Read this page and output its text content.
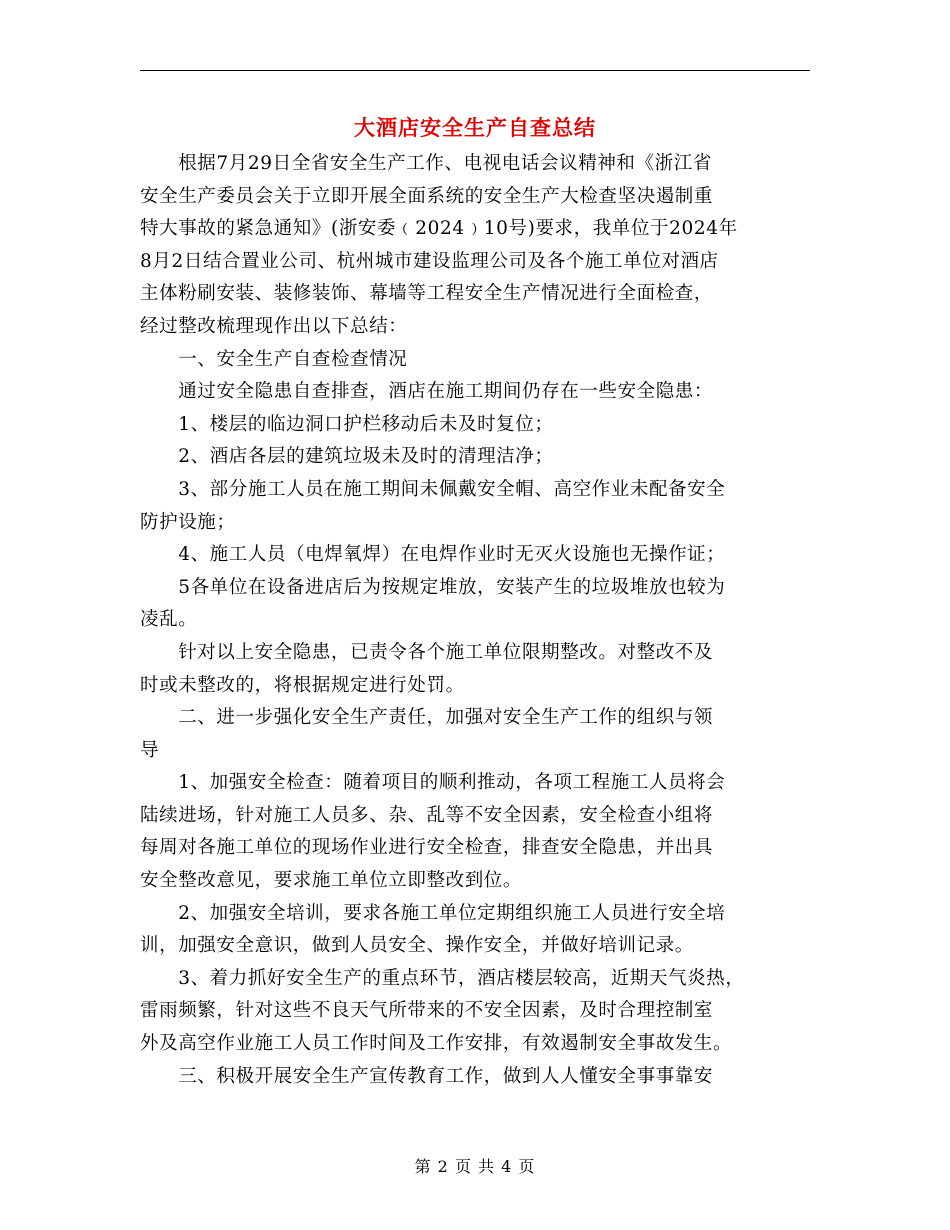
大酒店安全生产自查总结

　　根据7月29日全省安全生产工作、电视电话会议精神和《浙江省

安全生产委员会关于立即开展全面系统的安全生产大检查坚决遏制重

特大事故的紧急通知》(浙安委﹙2024﹚10号)要求，我单位于2024年

8月2日结合置业公司、杭州城市建设监理公司及各个施工单位对酒店

主体粉刷安装、装修装饰、幕墙等工程安全生产情况进行全面检查，

经过整改梳理现作出以下总结：

　　一、安全生产自查检查情况

　　通过安全隐患自查排查，酒店在施工期间仍存在一些安全隐患：

　　1、楼层的临边洞口护栏移动后未及时复位；

　　2、酒店各层的建筑垃圾未及时的清理洁净；

　　3、部分施工人员在施工期间未佩戴安全帽、高空作业未配备安全

防护设施；

　　4、施工人员（电焊氧焊）在电焊作业时无灭火设施也无操作证；

　　5各单位在设备进店后为按规定堆放，安装产生的垃圾堆放也较为

凌乱。

　　针对以上安全隐患，已责令各个施工单位限期整改。对整改不及

时或未整改的，将根据规定进行处罚。

　　二、进一步强化安全生产责任，加强对安全生产工作的组织与领

导

　　1、加强安全检查：随着项目的顺利推动，各项工程施工人员将会

陆续进场，针对施工人员多、杂、乱等不安全因素，安全检查小组将

每周对各施工单位的现场作业进行安全检查，排查安全隐患，并出具

安全整改意见，要求施工单位立即整改到位。

　　2、加强安全培训，要求各施工单位定期组织施工人员进行安全培

训，加强安全意识，做到人员安全、操作安全，并做好培训记录。

　　3、着力抓好安全生产的重点环节，酒店楼层较高，近期天气炎热，

雷雨频繁，针对这些不良天气所带来的不安全因素，及时合理控制室

外及高空作业施工人员工作时间及工作安排，有效遏制安全事故发生。

　　三、积极开展安全生产宣传教育工作，做到人人懂安全事事靠安

第 2 页 共 4 页
